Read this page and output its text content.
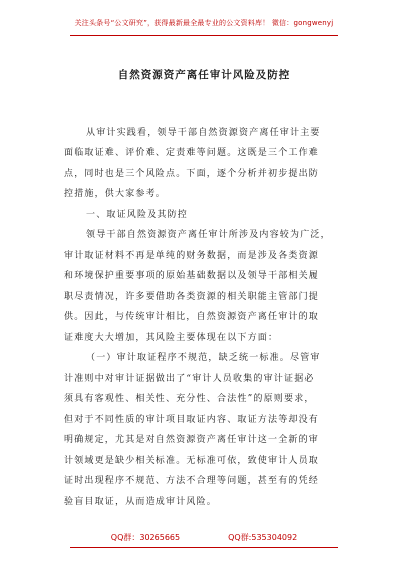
关注头条号“公文研究”，获得最新最全最专业的公文资料库！ 微信：gongwenyj
自然资源资产离任审计风险及防控
从审计实践看，领导干部自然资源资产离任审计主要
面临取证难、评价难、定责难等问题。这既是三个工作难
点，同时也是三个风险点。下面，逐个分析并初步提出防
控措施，供大家参考。
一、取证风险及其防控
领导干部自然资源资产离任审计所涉及内容较为广泛，
审计取证材料不再是单纯的财务数据，而是涉及各类资源
和环境保护重要事项的原始基础数据以及领导干部相关履
职尽责情况，许多要借助各类资源的相关职能主管部门提
供。因此，与传统审计相比，自然资源资产离任审计的取
证难度大大增加，其风险主要体现在以下方面：
（一）审计取证程序不规范，缺乏统一标准。尽管审
计准则中对审计证据做出了“审计人员收集的审计证据必
须具有客观性、相关性、充分性、合法性”的原则要求，
但对于不同性质的审计项目取证内容、取证方法等却没有
明确规定，尤其是对自然资源资产离任审计这一全新的审
计领域更是缺少相关标准。无标准可依，致使审计人员取
证时出现程序不规范、方法不合理等问题，甚至有的凭经
验盲目取证，从而造成审计风险。
QQ群：30265665	QQ群:535304092
